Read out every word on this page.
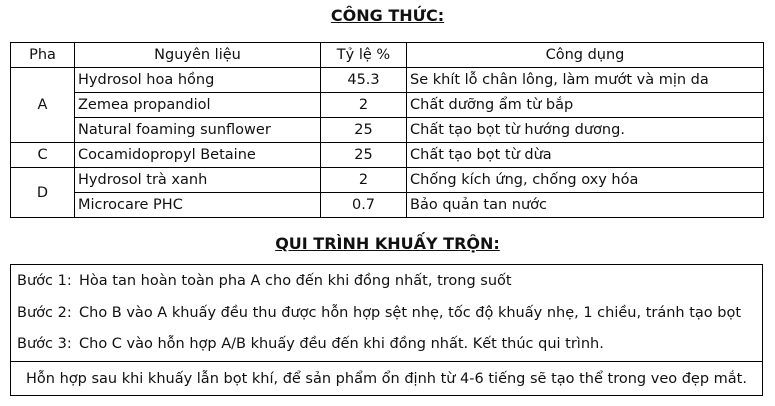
CÔNG THỨC:
Pha	Nguyên liệu	Tỷ lệ %	Công dụng
A	Hydrosol hoa hồng	45.3	Se khít lỗ chân lông, làm mướt và mịn da
	Zemea propandiol	2	Chất dưỡng ẩm từ bắp
	Natural foaming sunflower	25	Chất tạo bọt từ hướng dương.
C	Cocamidopropyl Betaine	25	Chất tạo bọt từ dừa
D	Hydrosol trà xanh	2	Chống kích ứng, chống oxy hóa
	Microcare PHC	0.7	Bảo quản tan nước
QUI TRÌNH KHUẤY TRỘN:
Bước 1: Hòa tan hoàn toàn pha A cho đến khi đồng nhất, trong suốt
Bước 2: Cho B vào A khuấy đều thu được hỗn hợp sệt nhẹ, tốc độ khuấy nhẹ, 1 chiều, tránh tạo bọt
Bước 3: Cho C vào hỗn hợp A/B khuấy đều đến khi đồng nhất. Kết thúc qui trình.
Hỗn hợp sau khi khuấy lẫn bọt khí, để sản phẩm ổn định từ 4-6 tiếng sẽ tạo thể trong veo đẹp mắt.
